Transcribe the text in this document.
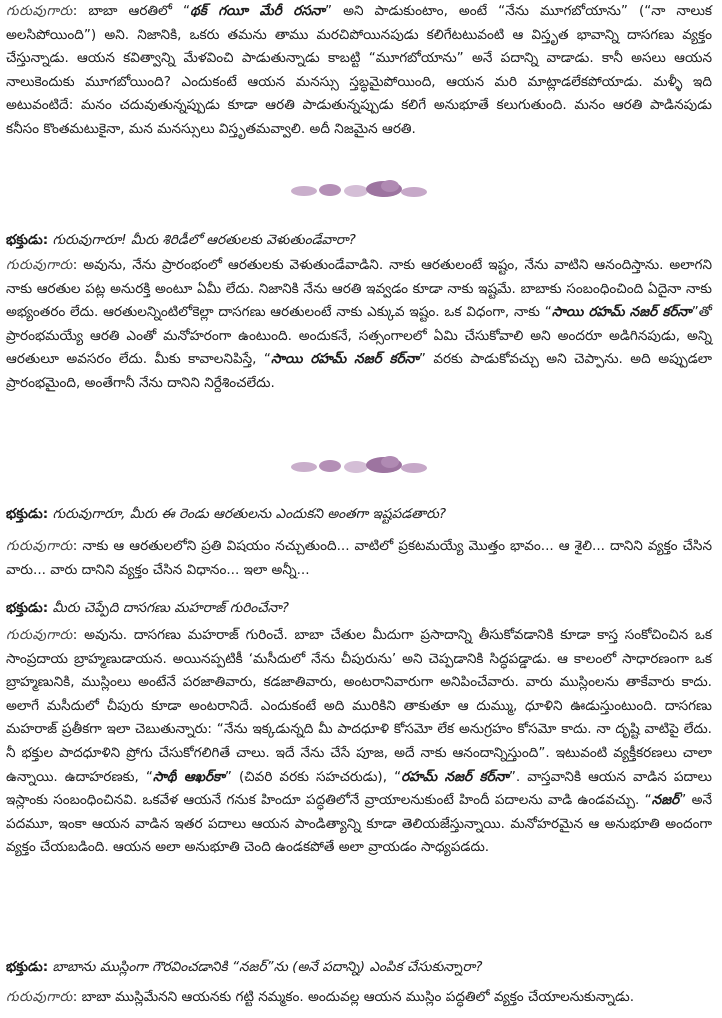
గురువుగారు: బాబా ఆరతిలో “థక్ గయీ మేరీ రసనా” అని పాడుకుంటాం, అంటే “నేను మూగబోయాను” (“నా నాలుక అలసిపోయింది”) అని. నిజానికి, ఒకరు తమను తాము మరచిపోయినపుడు కలిగేటటువంటి ఆ విస్తృత భావాన్ని దాసగణు వ్యక్తం చేస్తున్నాడు. ఆయన కవిత్వాన్ని మేళవించి పాడుతున్నాడు కాబట్టి “మూగబోయాను” అనే పదాన్ని వాడాడు. కానీ అసలు ఆయన నాలుకెందుకు మూగబోయింది? ఎందుకంటే ఆయన మనస్సు స్తబ్ధమైపోయింది, ఆయన మరి మాట్లాడలేకపోయాడు. మళ్ళీ ఇది అటువంటిదే: మనం చదువుతున్నప్పుడు కూడా ఆరతి పాడుతున్నప్పుడు కలిగే అనుభూతే కలుగుతుంది. మనం ఆరతి పాడినపుడు కనీసం కొంతమటుకైనా, మన మనస్సులు విస్తృతమవ్వాలి. అదీ నిజమైన ఆరతి.

భక్తుడు: గురువుగారూ! మీరు శిరిడీలో ఆరతులకు వెళుతుండేవారా?

గురువుగారు: అవును, నేను ప్రారంభంలో ఆరతులకు వెళుతుండేవాడిని. నాకు ఆరతులంటే ఇష్టం, నేను వాటిని ఆనందిస్తాను. అలాగని నాకు ఆరతుల పట్ల అనురక్తి అంటూ ఏమీ లేదు. నిజానికి నేను ఆరతి ఇవ్వడం కూడా నాకు ఇష్టమే. బాబాకు సంబంధించింది ఏదైనా నాకు అభ్యంతరం లేదు. ఆరతులన్నింటిలోకెల్లా దాసగణు ఆరతులంటే నాకు ఎక్కువ ఇష్టం. ఒక విధంగా, నాకు “సాయి రహమ్ నజర్ కర్‌నా”తో ప్రారంభమయ్యే ఆరతి ఎంతో మనోహరంగా ఉంటుంది. అందుకనే, సత్సంగాలలో ఏమి చేసుకోవాలి అని అందరూ అడిగినపుడు, అన్ని ఆరతులూ అవసరం లేదు. మీకు కావాలనిపిస్తే, “సాయి రహమ్ నజర్ కర్‌నా” వరకు పాడుకోవచ్చు అని చెప్పాను. అది అప్పుడలా ప్రారంభమైంది, అంతేగానీ నేను దానిని నిర్దేశించలేదు.

భక్తుడు: గురువుగారూ, మీరు ఈ రెండు ఆరతులను ఎందుకని అంతగా ఇష్టపడతారు?

గురువుగారు: నాకు ఆ ఆరతులలోని ప్రతి విషయం నచ్చుతుంది... వాటిలో ప్రకటమయ్యే మొత్తం భావం... ఆ శైలి... దానిని వ్యక్తం చేసిన వారు... వారు దానిని వ్యక్తం చేసిన విధానం... ఇలా అన్నీ...

భక్తుడు: మీరు చెప్పేది దాసగణు మహరాజ్ గురించేనా?

గురువుగారు: అవును. దాసగణు మహరాజ్ గురించే. బాబా చేతుల మీదుగా ప్రసాదాన్ని తీసుకోవడానికి కూడా కాస్త సంకోచించిన ఒక సాంప్రదాయ బ్రాహ్మణుడాయన. అయినప్పటికీ ‘మసీదులో నేను చీపురును’ అని చెప్పడానికి సిద్ధపడ్డాడు. ఆ కాలంలో సాధారణంగా ఒక బ్రాహ్మణునికి, ముస్లింలు అంటేనే పరజాతివారు, కడజాతివారు, అంటరానివారుగా అనిపించేవారు. వారు ముస్లింలను తాకేవారు కాదు. అలాగే మసీదులో చీపురు కూడా అంటరానిదే. ఎందుకంటే అది మురికిని తాకుతూ ఆ దుమ్ము, ధూళిని ఊడుస్తుంటుంది. దాసగణు మహరాజ్ ప్రతీకగా ఇలా చెబుతున్నారు: “నేను ఇక్కడున్నది మీ పాదధూళి కోసమో లేక అనుగ్రహం కోసమో కాదు. నా దృష్టి వాటిపై లేదు. నీ భక్తుల పాదధూళిని ప్రోగు చేసుకోగలిగితే చాలు. ఇదే నేను చేసే పూజ, అదే నాకు ఆనందాన్నిస్తుంది”. ఇటువంటి వ్యక్తీకరణలు చాలా ఉన్నాయి. ఉదాహరణకు, “సాథీ ఆఖర్‌కా” (చివరి వరకు సహచరుడు), “రహమ్ నజర్ కర్‌నా”. వాస్తవానికి ఆయన వాడిన పదాలు ఇస్లాంకు సంబంధించినవి. ఒకవేళ ఆయనే గనుక హిందూ పద్ధతిలోనే వ్రాయాలనుకుంటే హిందీ పదాలను వాడి ఉండవచ్చు. “నజర్” అనే పదమూ, ఇంకా ఆయన వాడిన ఇతర పదాలు ఆయన పాండిత్యాన్ని కూడా తెలియజేస్తున్నాయి. మనోహరమైన ఆ అనుభూతి అందంగా వ్యక్తం చేయబడింది. ఆయన అలా అనుభూతి చెంది ఉండకపోతే అలా వ్రాయడం సాధ్యపడదు.

భక్తుడు: బాబాను ముస్లింగా గౌరవించడానికి “నజర్”ను (అనే పదాన్ని) ఎంపిక చేసుకున్నారా?

గురువుగారు: బాబా ముస్లిమేనని ఆయనకు గట్టి నమ్మకం. అందువల్ల ఆయన ముస్లిం పద్ధతిలో వ్యక్తం చేయాలనుకున్నాడు.
